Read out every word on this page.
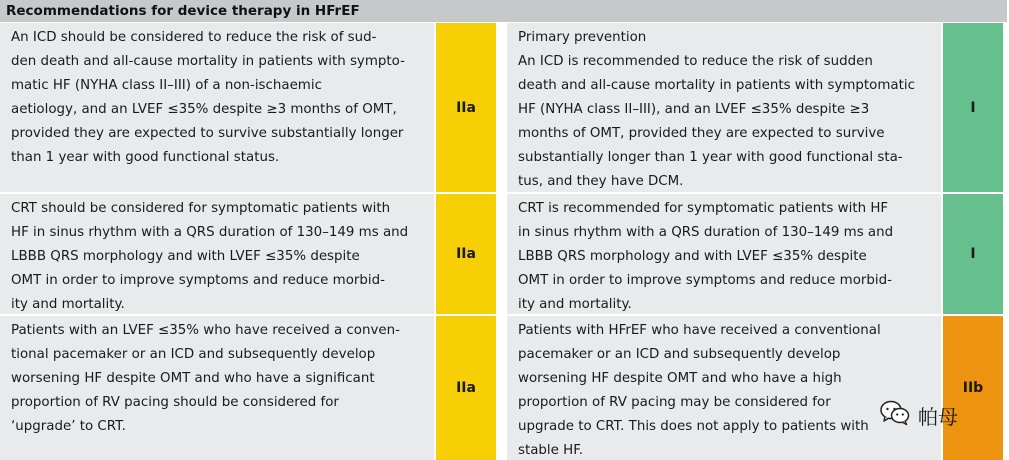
Recommendations for device therapy in HFrEF

An ICD should be considered to reduce the risk of sud-
den death and all-cause mortality in patients with sympto-
matic HF (NYHA class II–III) of a non-ischaemic
aetiology, and an LVEF ≤35% despite ≥3 months of OMT,
provided they are expected to survive substantially longer
than 1 year with good functional status.

IIa

Primary prevention
An ICD is recommended to reduce the risk of sudden
death and all-cause mortality in patients with symptomatic
HF (NYHA class II–III), and an LVEF ≤35% despite ≥3
months of OMT, provided they are expected to survive
substantially longer than 1 year with good functional sta-
tus, and they have DCM.

I

CRT should be considered for symptomatic patients with
HF in sinus rhythm with a QRS duration of 130–149 ms and
LBBB QRS morphology and with LVEF ≤35% despite
OMT in order to improve symptoms and reduce morbid-
ity and mortality.

IIa

CRT is recommended for symptomatic patients with HF
in sinus rhythm with a QRS duration of 130–149 ms and
LBBB QRS morphology and with LVEF ≤35% despite
OMT in order to improve symptoms and reduce morbid-
ity and mortality.

I

Patients with an LVEF ≤35% who have received a conven-
tional pacemaker or an ICD and subsequently develop
worsening HF despite OMT and who have a significant
proportion of RV pacing should be considered for
‘upgrade’ to CRT.

IIa

Patients with HFrEF who have received a conventional
pacemaker or an ICD and subsequently develop
worsening HF despite OMT and who have a high
proportion of RV pacing may be considered for
upgrade to CRT. This does not apply to patients with
stable HF.

IIb
帕母
